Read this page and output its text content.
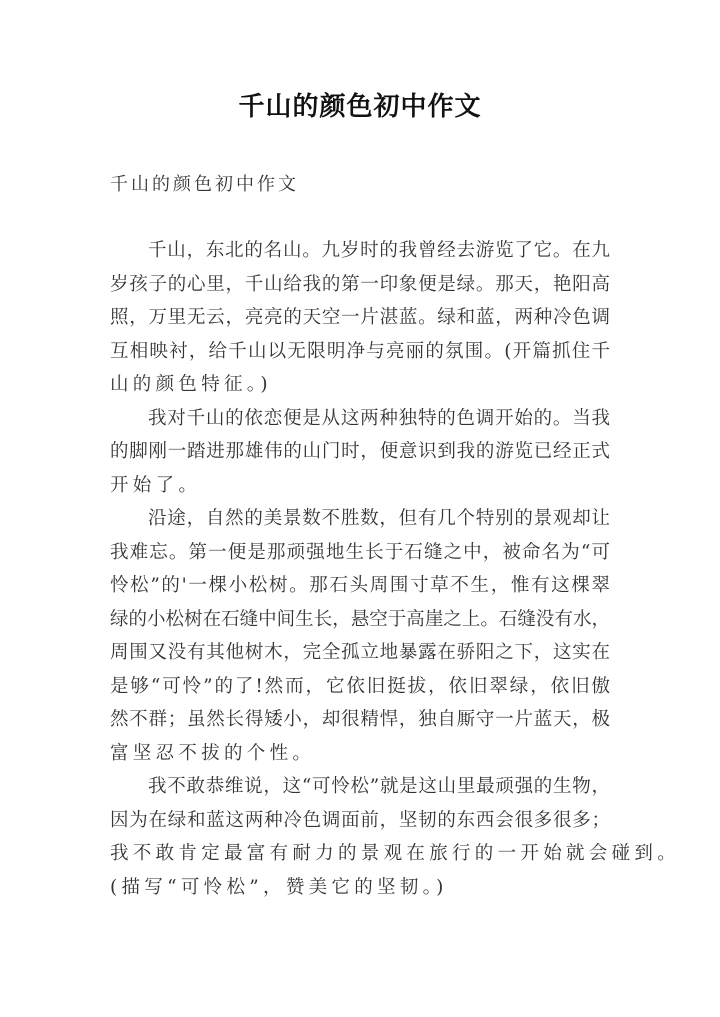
千山的颜色初中作文
千山的颜色初中作文
千山，东北的名山。九岁时的我曾经去游览了它。在九
岁孩子的心里，千山给我的第一印象便是绿。那天，艳阳高
照，万里无云，亮亮的天空一片湛蓝。绿和蓝，两种冷色调
互相映衬，给千山以无限明净与亮丽的氛围。(开篇抓住千
山的颜色特征。)
我对千山的依恋便是从这两种独特的色调开始的。当我
的脚刚一踏进那雄伟的山门时，便意识到我的游览已经正式
开始了。
沿途，自然的美景数不胜数，但有几个特别的景观却让
我难忘。第一便是那顽强地生长于石缝之中，被命名为“可
怜松”的'一棵小松树。那石头周围寸草不生，惟有这棵翠
绿的小松树在石缝中间生长，悬空于高崖之上。石缝没有水，
周围又没有其他树木，完全孤立地暴露在骄阳之下，这实在
是够“可怜”的了!然而，它依旧挺拔，依旧翠绿，依旧傲
然不群；虽然长得矮小，却很精悍，独自厮守一片蓝天，极
富坚忍不拔的个性。
我不敢恭维说，这“可怜松”就是这山里最顽强的生物，
因为在绿和蓝这两种冷色调面前，坚韧的东西会很多很多；
我不敢肯定最富有耐力的景观在旅行的一开始就会碰到。
(描写“可怜松”，赞美它的坚韧。)
